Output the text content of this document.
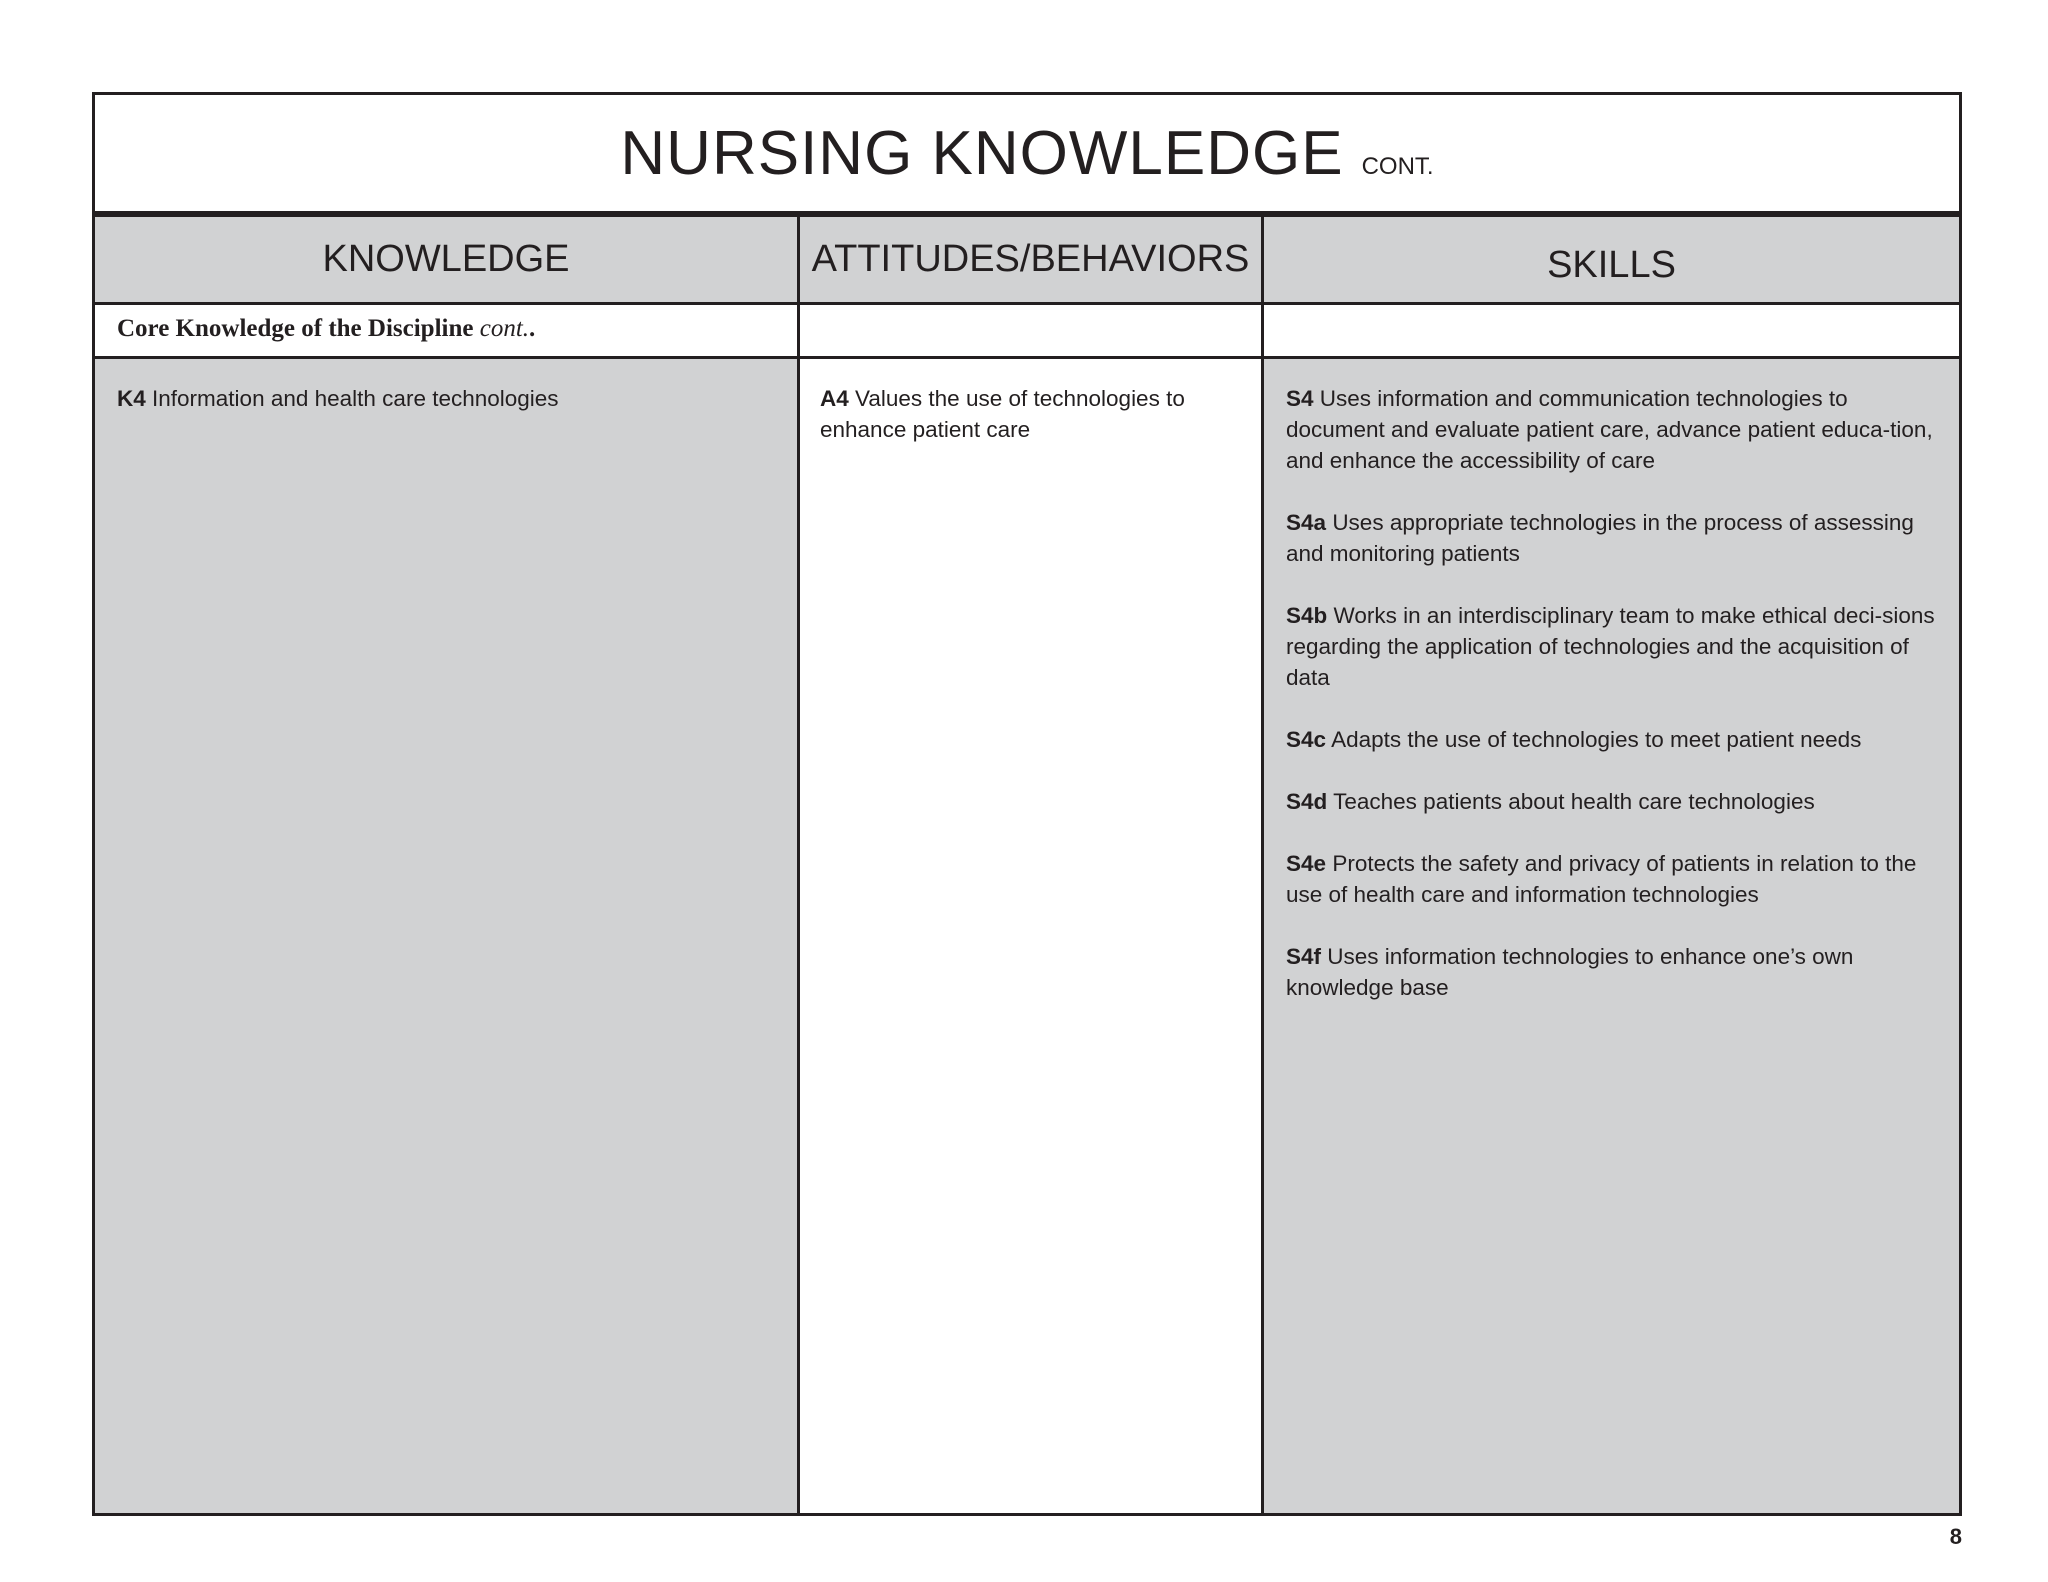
NURSING KNOWLEDGE CONT.
KNOWLEDGE
Core Knowledge of the Discipline cont..

K4 Information and health care technologies

ATTITUDES/BEHAVIORS

A4 Values the use of technologies to enhance patient care

SKILLS

S4 Uses information and communication technologies to document and evaluate patient care, advance patient educa-tion, and enhance the accessibility of care

S4a Uses appropriate technologies in the process of assessing and monitoring patients

S4b Works in an interdisciplinary team to make ethical deci-sions regarding the application of technologies and the acquisition of data

S4c Adapts the use of technologies to meet patient needs

S4d Teaches patients about health care technologies

S4e Protects the safety and privacy of patients in relation to the use of health care and information technologies

S4f Uses information technologies to enhance one’s own knowledge base

8
